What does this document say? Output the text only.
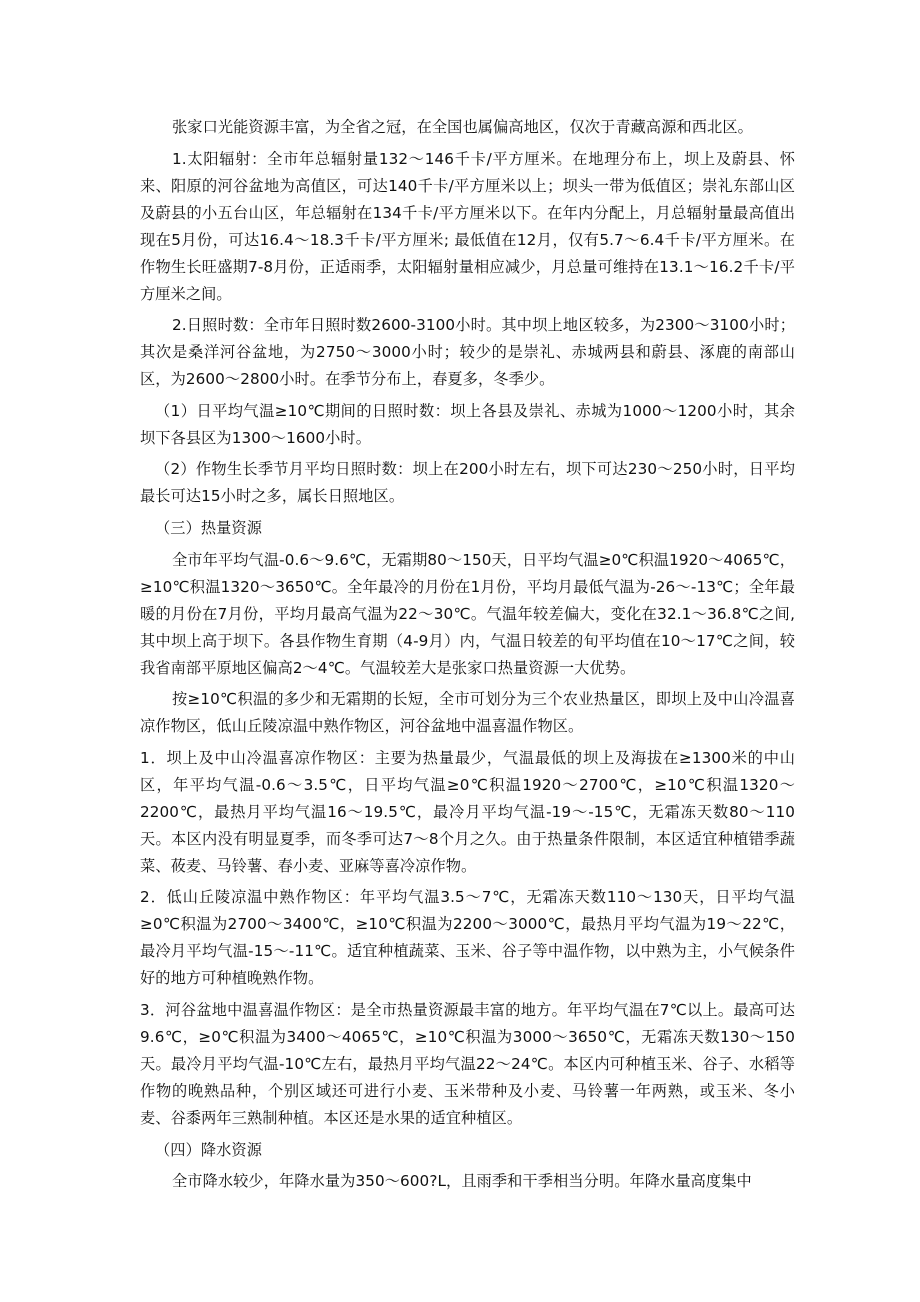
张家口光能资源丰富，为全省之冠，在全国也属偏高地区，仅次于青藏高源和西北区。

1.太阳辐射：全市年总辐射量132～146千卡/平方厘米。在地理分布上，坝上及蔚县、怀来、阳原的河谷盆地为高值区，可达140千卡/平方厘米以上；坝头一带为低值区；崇礼东部山区及蔚县的小五台山区，年总辐射在134千卡/平方厘米以下。在年内分配上，月总辐射量最高值出现在5月份，可达16.4～18.3千卡/平方厘米; 最低值在12月，仅有5.7～6.4千卡/平方厘米。在作物生长旺盛期7-8月份，正适雨季，太阳辐射量相应减少，月总量可维持在13.1～16.2千卡/平方厘米之间。

2.日照时数：全市年日照时数2600-3100小时。其中坝上地区较多，为2300～3100小时；其次是桑洋河谷盆地，为2750～3000小时；较少的是崇礼、赤城两县和蔚县、涿鹿的南部山区，为2600～2800小时。在季节分布上，春夏多，冬季少。

（1）日平均气温≥10℃期间的日照时数：坝上各县及崇礼、赤城为1000～1200小时，其余坝下各县区为1300～1600小时。

（2）作物生长季节月平均日照时数：坝上在200小时左右，坝下可达230～250小时，日平均最长可达15小时之多，属长日照地区。

（三）热量资源

全市年平均气温-0.6～9.6℃，无霜期80～150天，日平均气温≥0℃积温1920～4065℃，≥10℃积温1320～3650℃。全年最冷的月份在1月份，平均月最低气温为-26～-13℃；全年最暖的月份在7月份，平均月最高气温为22～30℃。气温年较差偏大，变化在32.1～36.8℃之间,其中坝上高于坝下。各县作物生育期（4-9月）内，气温日较差的旬平均值在10～17℃之间，较我省南部平原地区偏高2～4℃。气温较差大是张家口热量资源一大优势。

按≥10℃积温的多少和无霜期的长短，全市可划分为三个农业热量区，即坝上及中山冷温喜凉作物区，低山丘陵凉温中熟作物区，河谷盆地中温喜温作物区。

1．坝上及中山冷温喜凉作物区：主要为热量最少，气温最低的坝上及海拔在≥1300米的中山区，年平均气温-0.6～3.5℃，日平均气温≥0℃积温1920～2700℃，≥10℃积温1320～2200℃，最热月平均气温16～19.5℃，最冷月平均气温-19～-15℃，无霜冻天数80～110天。本区内没有明显夏季，而冬季可达7～8个月之久。由于热量条件限制，本区适宜种植错季蔬菜、莜麦、马铃薯、春小麦、亚麻等喜冷凉作物。

2．低山丘陵凉温中熟作物区：年平均气温3.5～7℃，无霜冻天数110～130天，日平均气温≥0℃积温为2700～3400℃，≥10℃积温为2200～3000℃，最热月平均气温为19～22℃，最冷月平均气温-15～-11℃。适宜种植蔬菜、玉米、谷子等中温作物，以中熟为主，小气候条件好的地方可种植晚熟作物。

3．河谷盆地中温喜温作物区：是全市热量资源最丰富的地方。年平均气温在7℃以上。最高可达9.6℃，≥0℃积温为3400～4065℃，≥10℃积温为3000～3650℃，无霜冻天数130～150天。最冷月平均气温-10℃左右，最热月平均气温22～24℃。本区内可种植玉米、谷子、水稻等作物的晚熟品种，个别区域还可进行小麦、玉米带种及小麦、马铃薯一年两熟，或玉米、冬小麦、谷黍两年三熟制种植。本区还是水果的适宜种植区。

（四）降水资源

全市降水较少，年降水量为350～600?L，且雨季和干季相当分明。年降水量高度集中
